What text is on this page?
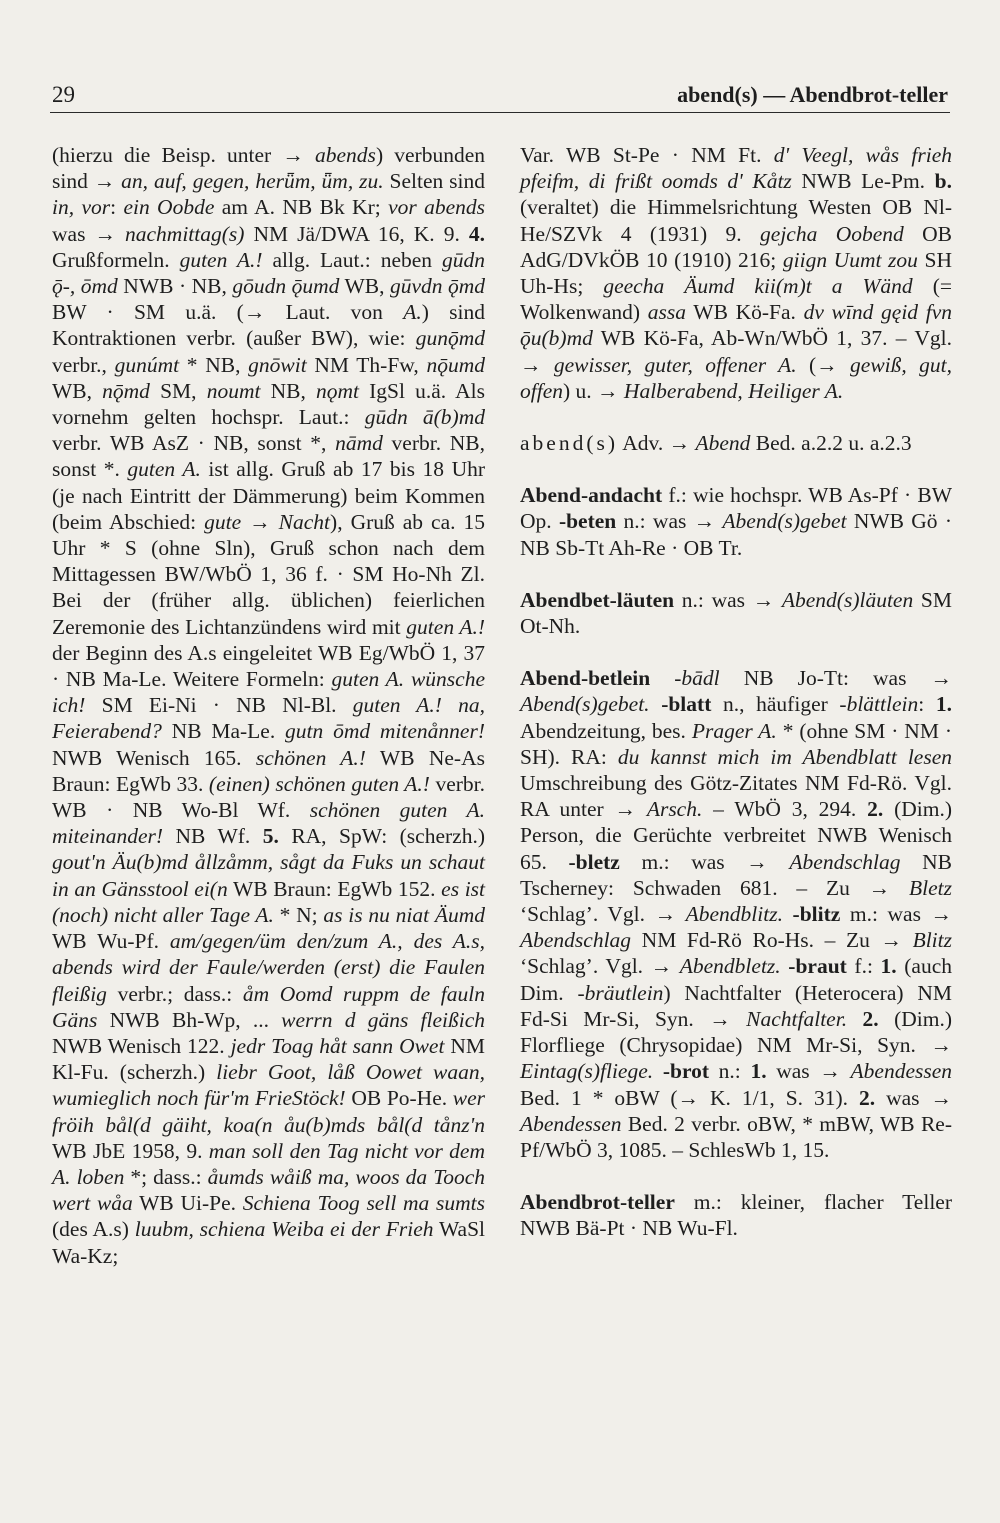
29	abend(s) — Abendbrot-teller

(hierzu die Beisp. unter → abends) verbunden sind → an, auf, gegen, herǖm, ǖm, zu. Selten sind in, vor: ein Oobde am A. NB Bk Kr; vor abends was → nachmittag(s) NM Jä/DWA 16, K. 9. 4. Grußformeln. guten A.! allg. Laut.: neben gūdn ǭ-, ōmd NWB · NB, gōudn ǭumd WB, gūvdn ǭmd BW · SM u.ä. (→ Laut. von A.) sind Kontraktionen verbr. (außer BW), wie: gunǭmd verbr., gunúmt * NB, gnōwit NM Th-Fw, nǭumd WB, nǭmd SM, noumt NB, nǫmt IgSl u.ä. Als vornehm gelten hochspr. Laut.: gūdn ā(b)md verbr. WB AsZ · NB, sonst *, nāmd verbr. NB, sonst *. guten A. ist allg. Gruß ab 17 bis 18 Uhr (je nach Eintritt der Dämmerung) beim Kommen (beim Abschied: gute → Nacht), Gruß ab ca. 15 Uhr * S (ohne Sln), Gruß schon nach dem Mittagessen BW/WbÖ 1, 36 f. · SM Ho-Nh Zl. Bei der (früher allg. üblichen) feierlichen Zeremonie des Lichtanzündens wird mit guten A.! der Beginn des A.s eingeleitet WB Eg/WbÖ 1, 37 · NB Ma-Le. Weitere Formeln: guten A. wünsche ich! SM Ei-Ni · NB Nl-Bl. guten A.! na, Feierabend? NB Ma-Le. gutn ōmd mitenånner! NWB Wenisch 165. schönen A.! WB Ne-As Braun: EgWb 33. (einen) schönen guten A.! verbr. WB · NB Wo-Bl Wf. schönen guten A. miteinander! NB Wf. 5. RA, SpW: (scherzh.) gout'n Äu(b)md ållzåmm, sågt da Fuks un schaut in an Gänsstool ei(n WB Braun: EgWb 152. es ist (noch) nicht aller Tage A. * N; as is nu niat Äumd WB Wu-Pf. am/gegen/üm den/zum A., des A.s, abends wird der Faule/werden (erst) die Faulen fleißig verbr.; dass.: åm Oomd ruppm de fauln Gäns NWB Bh-Wp, ... werrn d gäns fleißich NWB Wenisch 122. jedr Toag håt sann Owet NM Kl-Fu. (scherzh.) liebr Goot, låß Oowet waan, wumieglich noch für'm FrieStöck! OB Po-He. wer fröih bål(d gäiht, koa(n åu(b)mds bål(d tånz'n WB JbE 1958, 9. man soll den Tag nicht vor dem A. loben *; dass.: åumds wåiß ma, woos da Tooch wert wåa WB Ui-Pe. Schiena Toog sell ma sumts (des A.s) luubm, schiena Weiba ei der Frieh WaSl Wa-Kz;

Var. WB St-Pe · NM Ft. d' Veegl, wås frieh pfeifm, di frißt oomds d' Kåtz NWB Le-Pm. b. (veraltet) die Himmelsrichtung Westen OB Nl-He/SZVk 4 (1931) 9. gejcha Oobend OB AdG/DVkÖB 10 (1910) 216; giign Uumt zou SH Uh-Hs; geecha Äumd kii(m)t a Wänd (= Wolkenwand) assa WB Kö-Fa. dv wīnd gęid fvn ǭu(b)md WB Kö-Fa, Ab-Wn/WbÖ 1, 37. – Vgl. → gewisser, guter, offener A. (→ gewiß, gut, offen) u. → Halberabend, Heiliger A.

abend(s) Adv. → Abend Bed. a.2.2 u. a.2.3

Abend-andacht f.: wie hochspr. WB As-Pf · BW Op. -beten n.: was → Abend(s)gebet NWB Gö · NB Sb-Tt Ah-Re · OB Tr.

Abendbet-läuten n.: was → Abend(s)läuten SM Ot-Nh.

Abend-betlein -bādl NB Jo-Tt: was → Abend(s)gebet. -blatt n., häufiger -blättlein: 1. Abendzeitung, bes. Prager A. * (ohne SM · NM · SH). RA: du kannst mich im Abendblatt lesen Umschreibung des Götz-Zitates NM Fd-Rö. Vgl. RA unter → Arsch. – WbÖ 3, 294. 2. (Dim.) Person, die Gerüchte verbreitet NWB Wenisch 65. -bletz m.: was → Abendschlag NB Tscherney: Schwaden 681. – Zu → Bletz ‘Schlag’. Vgl. → Abendblitz. -blitz m.: was → Abendschlag NM Fd-Rö Ro-Hs. – Zu → Blitz ‘Schlag’. Vgl. → Abendbletz. -braut f.: 1. (auch Dim. -bräutlein) Nachtfalter (Heterocera) NM Fd-Si Mr-Si, Syn. → Nachtfalter. 2. (Dim.) Florfliege (Chrysopidae) NM Mr-Si, Syn. → Eintag(s)fliege. -brot n.: 1. was → Abendessen Bed. 1 * oBW (→ K. 1/1, S. 31). 2. was → Abendessen Bed. 2 verbr. oBW, * mBW, WB Re-Pf/WbÖ 3, 1085. – SchlesWb 1, 15.

Abendbrot-teller m.: kleiner, flacher Teller NWB Bä-Pt · NB Wu-Fl.
